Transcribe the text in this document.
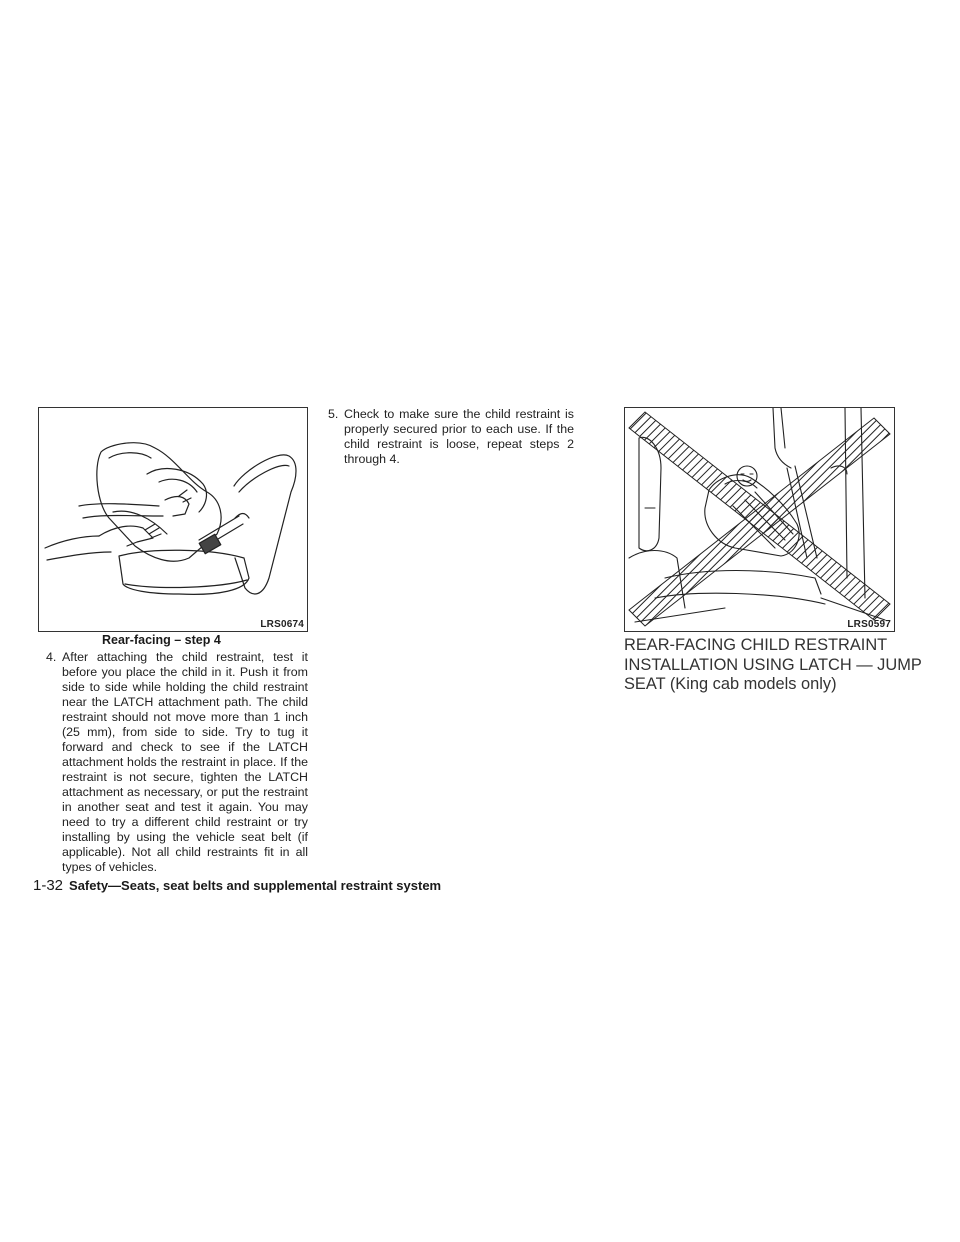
LRS0674
Rear-facing – step 4
4. After attaching the child restraint, test it before you place the child in it. Push it from side to side while holding the child restraint near the LATCH attachment path. The child restraint should not move more than 1 inch (25 mm), from side to side. Try to tug it forward and check to see if the LATCH attachment holds the restraint in place. If the restraint is not secure, tighten the LATCH attachment as necessary, or put the restraint in another seat and test it again. You may need to try a different child restraint or try installing by using the vehicle seat belt (if applicable). Not all child restraints fit in all types of vehicles.
5. Check to make sure the child restraint is properly secured prior to each use. If the child restraint is loose, repeat steps 2 through 4.
LRS0597
REAR-FACING CHILD RESTRAINT INSTALLATION USING LATCH — JUMP SEAT (King cab models only)
1-32 Safety—Seats, seat belts and supplemental restraint system
